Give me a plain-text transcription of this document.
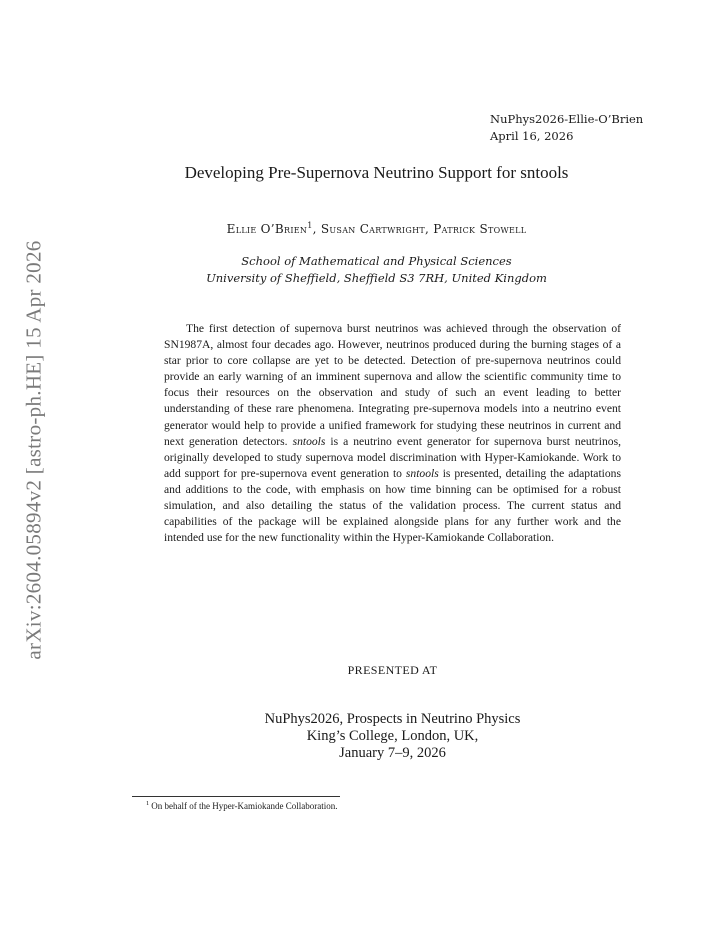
arXiv:2604.05894v2 [astro-ph.HE] 15 Apr 2026
NuPhys2026-Ellie-O’Brien
April 16, 2026
Developing Pre-Supernova Neutrino Support for sntools
Ellie O’Brien$^1$, Susan Cartwright, Patrick Stowell
School of Mathematical and Physical Sciences
University of Sheffield, Sheffield S3 7RH, United Kingdom

The first detection of supernova burst neutrinos was achieved through the observation of SN1987A, almost four decades ago. However, neutrinos produced during the burning stages of a star prior to core collapse are yet to be detected. Detection of pre-supernova neutrinos could provide an early warning of an imminent supernova and allow the scientific community time to focus their resources on the observation and study of such an event leading to better understanding of these rare phenomena. Integrating pre-supernova models into a neutrino event generator would help to provide a unified framework for studying these neutrinos in current and next generation detectors. sntools is a neutrino event generator for supernova burst neutrinos, originally developed to study supernova model discrimination with Hyper-Kamiokande. Work to add support for pre-supernova event generation to sntools is presented, detailing the adaptations and additions to the code, with emphasis on how time binning can be optimised for a robust simulation, and also detailing the status of the validation process. The current status and capabilities of the package will be explained alongside plans for any further work and the intended use for the new functionality within the Hyper-Kamiokande Collaboration.

PRESENTED AT
NuPhys2026, Prospects in Neutrino Physics
King’s College, London, UK,
January 7–9, 2026
$^1$ On behalf of the Hyper-Kamiokande Collaboration.
